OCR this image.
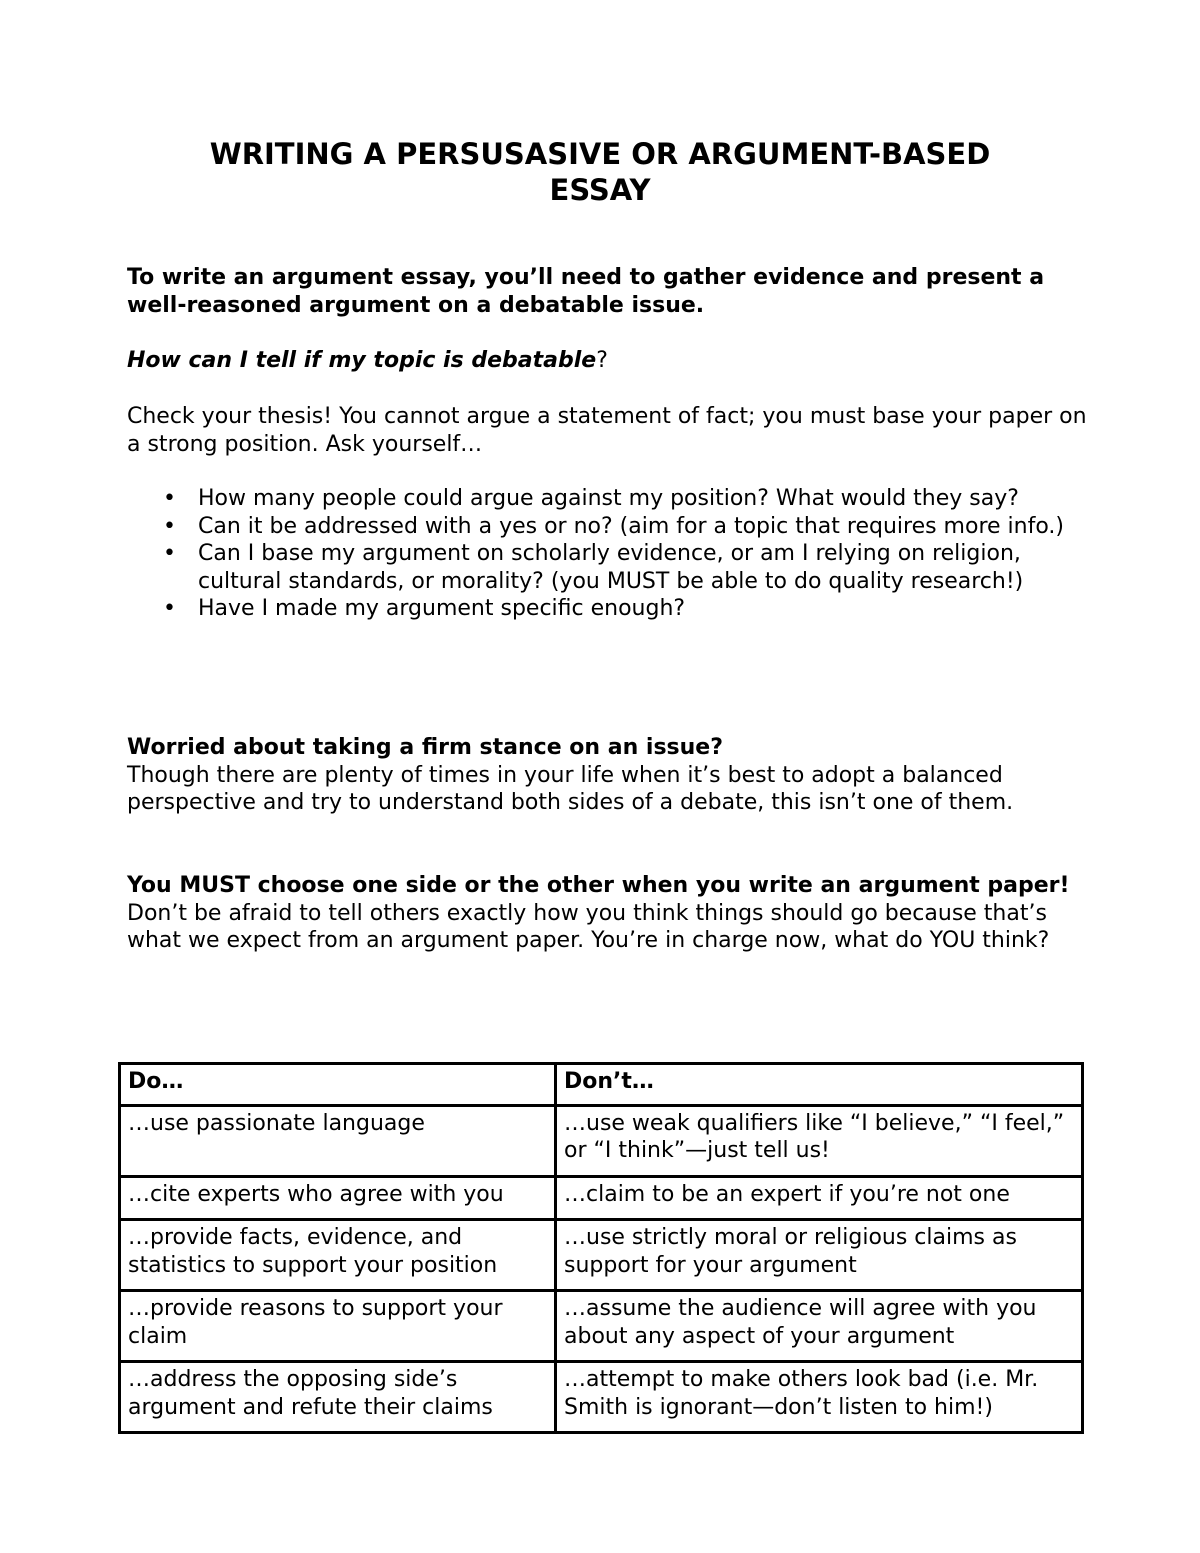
WRITING A PERSUSASIVE OR ARGUMENT-BASED
ESSAY

To write an argument essay, you’ll need to gather evidence and present a well-reasoned argument on a debatable issue.

How can I tell if my topic is debatable?

Check your thesis! You cannot argue a statement of fact; you must base your paper on a strong position. Ask yourself…

• How many people could argue against my position? What would they say?
• Can it be addressed with a yes or no? (aim for a topic that requires more info.)
• Can I base my argument on scholarly evidence, or am I relying on religion, cultural standards, or morality? (you MUST be able to do quality research!)
• Have I made my argument specific enough?
Worried about taking a firm stance on an issue?
Though there are plenty of times in your life when it’s best to adopt a balanced perspective and try to understand both sides of a debate, this isn’t one of them.
You MUST choose one side or the other when you write an argument paper!
Don’t be afraid to tell others exactly how you think things should go because that’s what we expect from an argument paper. You’re in charge now, what do YOU think?
Do…	Don’t…
…use passionate language	…use weak qualifiers like “I believe,” “I feel,” or “I think”—just tell us!
…cite experts who agree with you	…claim to be an expert if you’re not one
…provide facts, evidence, and statistics to support your position	…use strictly moral or religious claims as support for your argument
…provide reasons to support your claim	…assume the audience will agree with you about any aspect of your argument
…address the opposing side’s argument and refute their claims	…attempt to make others look bad (i.e. Mr. Smith is ignorant—don’t listen to him!)
